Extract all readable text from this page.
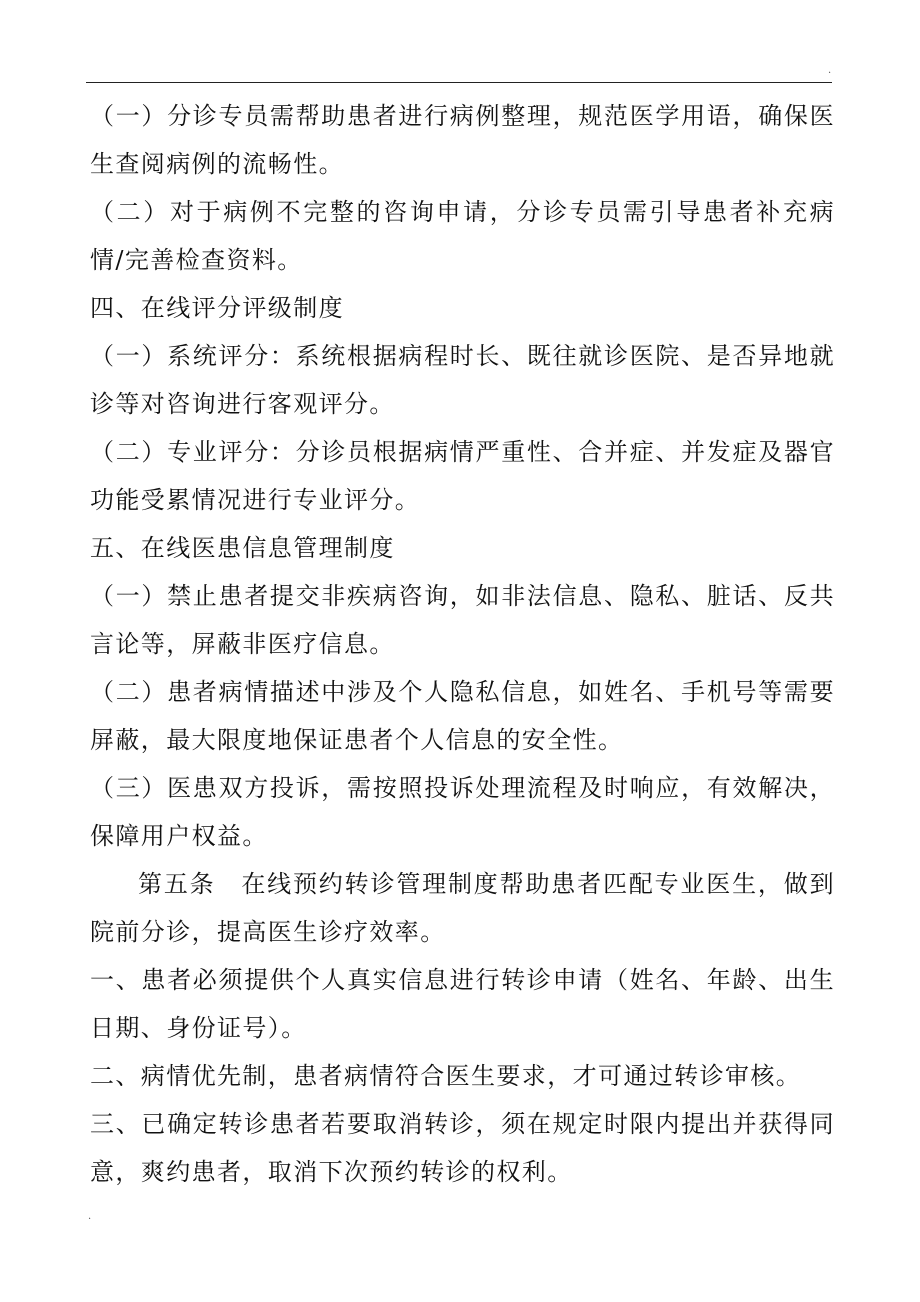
.

（一）分诊专员需帮助患者进行病例整理，规范医学用语，确保医生查阅病例的流畅性。

（二）对于病例不完整的咨询申请，分诊专员需引导患者补充病情/完善检查资料。

四、在线评分评级制度

（一）系统评分：系统根据病程时长、既往就诊医院、是否异地就诊等对咨询进行客观评分。

（二）专业评分：分诊员根据病情严重性、合并症、并发症及器官功能受累情况进行专业评分。

五、在线医患信息管理制度

（一）禁止患者提交非疾病咨询，如非法信息、隐私、脏话、反共言论等，屏蔽非医疗信息。

（二）患者病情描述中涉及个人隐私信息，如姓名、手机号等需要屏蔽，最大限度地保证患者个人信息的安全性。

（三）医患双方投诉，需按照投诉处理流程及时响应，有效解决，保障用户权益。

第五条　在线预约转诊管理制度帮助患者匹配专业医生，做到院前分诊，提高医生诊疗效率。

一、患者必须提供个人真实信息进行转诊申请（姓名、年龄、出生日期、身份证号）。

二、病情优先制，患者病情符合医生要求，才可通过转诊审核。

三、已确定转诊患者若要取消转诊，须在规定时限内提出并获得同意，爽约患者，取消下次预约转诊的权利。

.
